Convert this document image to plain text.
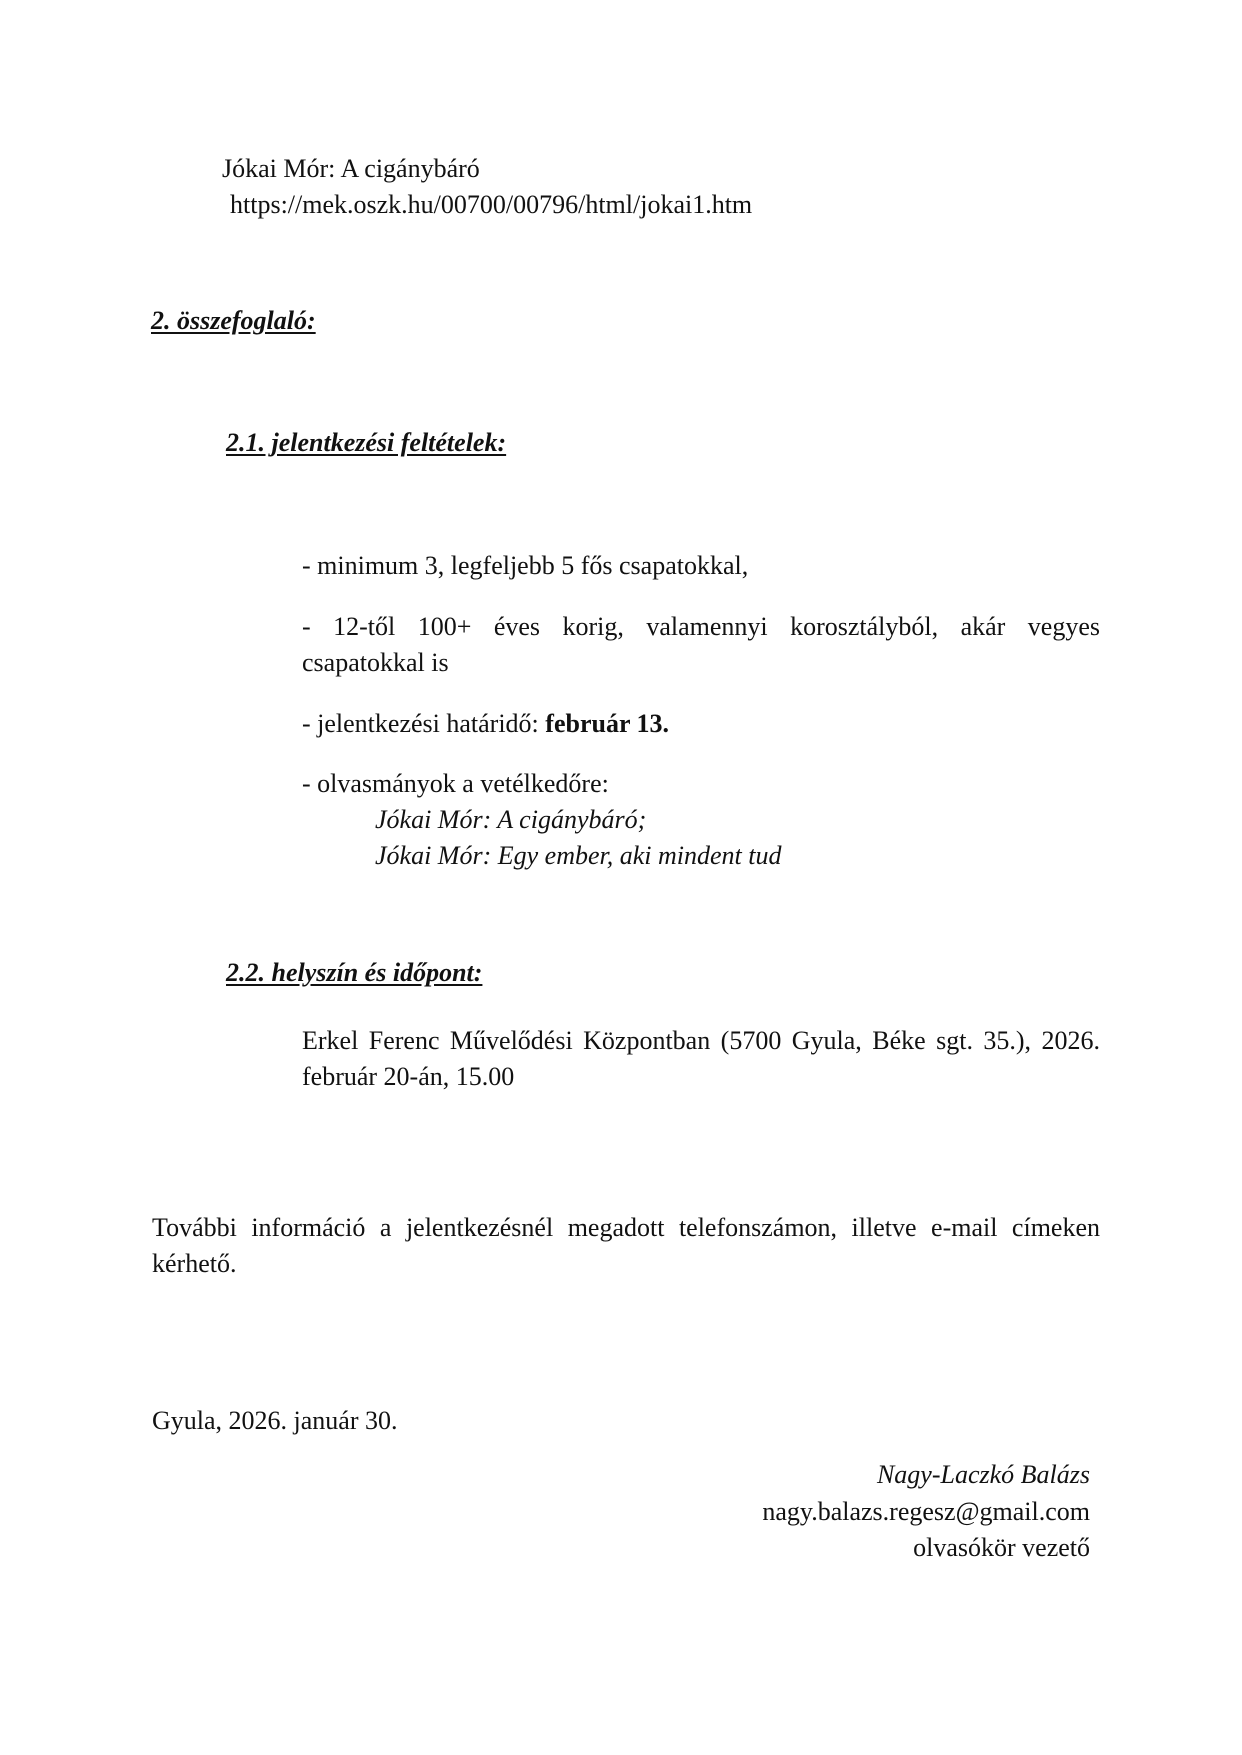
Jókai Mór: A cigánybáró

https://mek.oszk.hu/00700/00796/html/jokai1.htm

2. összefoglaló:

2.1. jelentkezési feltételek:

- minimum 3, legfeljebb 5 fős csapatokkal,

- 12-től 100+ éves korig, valamennyi korosztályból, akár vegyes csapatokkal is

- jelentkezési határidő: február 13.

- olvasmányok a vetélkedőre:

Jókai Mór: A cigánybáró;

Jókai Mór: Egy ember, aki mindent tud

2.2. helyszín és időpont:

Erkel Ferenc Művelődési Központban (5700 Gyula, Béke sgt. 35.), 2026. február 20-án, 15.00

További információ a jelentkezésnél megadott telefonszámon, illetve e-mail címeken kérhető.

Gyula, 2026. január 30.

Nagy-Laczkó Balázs

nagy.balazs.regesz@gmail.com

olvasókör vezető
